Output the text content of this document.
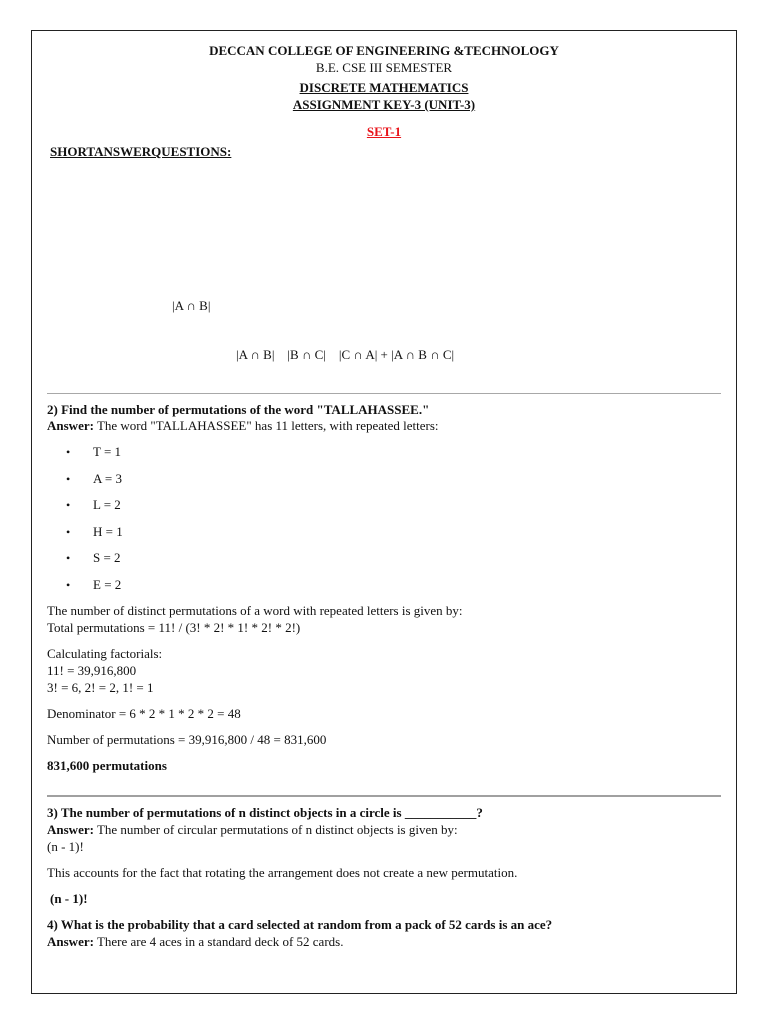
DECCAN COLLEGE OF ENGINEERING &TECHNOLOGY
B.E. CSE III SEMESTER
DISCRETE MATHEMATICS
ASSIGNMENT KEY-3 (UNIT-3)
SET-1
SHORTANSWERQUESTIONS:
|A ∩ B|
|A ∩ B|    |B ∩ C|    |C ∩ A| + |A ∩ B ∩ C|
2) Find the number of permutations of the word "TALLAHASSEE."
Answer: The word "TALLAHASSEE" has 11 letters, with repeated letters:
• T = 1
• A = 3
• L = 2
• H = 1
• S = 2
• E = 2
The number of distinct permutations of a word with repeated letters is given by:
Total permutations = 11! / (3! * 2! * 1! * 2! * 2!)
Calculating factorials:
11! = 39,916,800
3! = 6, 2! = 2, 1! = 1
Denominator = 6 * 2 * 1 * 2 * 2 = 48
Number of permutations = 39,916,800 / 48 = 831,600
831,600 permutations
3) The number of permutations of n distinct objects in a circle is ___________?
Answer: The number of circular permutations of n distinct objects is given by:
(n - 1)!
This accounts for the fact that rotating the arrangement does not create a new permutation.
(n - 1)!
4) What is the probability that a card selected at random from a pack of 52 cards is an ace?
Answer: There are 4 aces in a standard deck of 52 cards.
